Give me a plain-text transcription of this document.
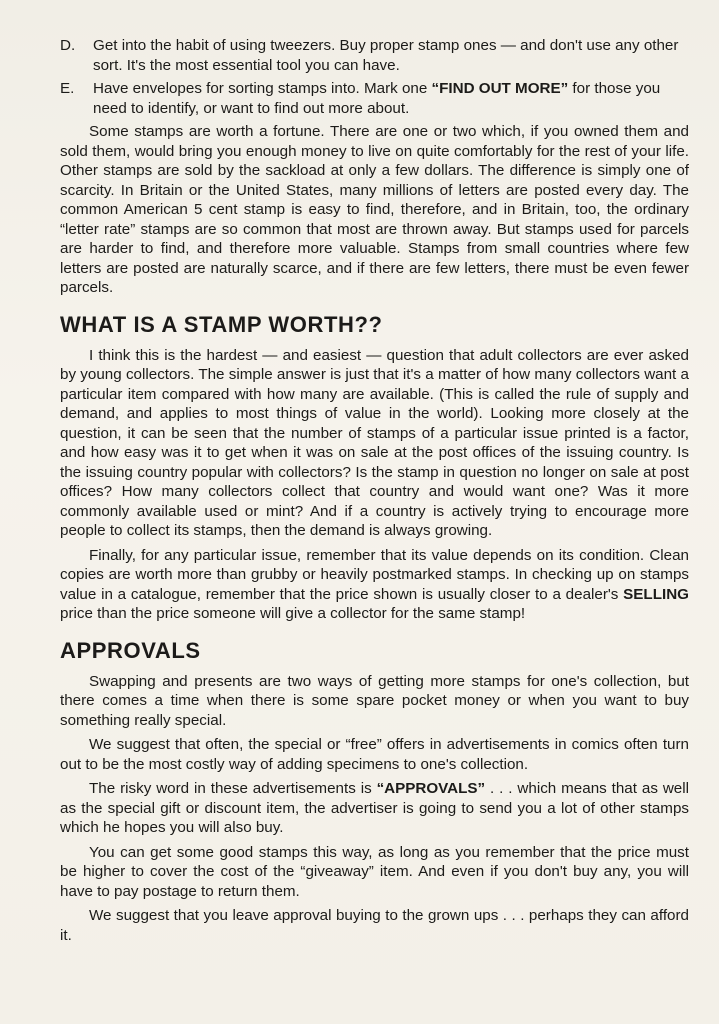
D. Get into the habit of using tweezers. Buy proper stamp ones — and don't use any other sort. It's the most essential tool you can have.
E. Have envelopes for sorting stamps into. Mark one “FIND OUT MORE” for those you need to identify, or want to find out more about.

Some stamps are worth a fortune. There are one or two which, if you owned them and sold them, would bring you enough money to live on quite comfortably for the rest of your life. Other stamps are sold by the sackload at only a few dollars. The difference is simply one of scarcity. In Britain or the United States, many millions of letters are posted every day. The common American 5 cent stamp is easy to find, therefore, and in Britain, too, the ordinary “letter rate” stamps are so common that most are thrown away. But stamps used for parcels are harder to find, and therefore more valuable. Stamps from small countries where few letters are posted are naturally scarce, and if there are few letters, there must be even fewer parcels.

WHAT IS A STAMP WORTH??

I think this is the hardest — and easiest — question that adult collectors are ever asked by young collectors. The simple answer is just that it's a matter of how many collectors want a particular item compared with how many are available. (This is called the rule of supply and demand, and applies to most things of value in the world). Looking more closely at the question, it can be seen that the number of stamps of a particular issue printed is a factor, and how easy was it to get when it was on sale at the post offices of the issuing country. Is the issuing country popular with collectors? Is the stamp in question no longer on sale at post offices? How many collectors collect that country and would want one? Was it more commonly available used or mint? And if a country is actively trying to encourage more people to collect its stamps, then the demand is always growing.

Finally, for any particular issue, remember that its value depends on its condition. Clean copies are worth more than grubby or heavily postmarked stamps. In checking up on stamps value in a catalogue, remember that the price shown is usually closer to a dealer's SELLING price than the price someone will give a collector for the same stamp!

APPROVALS

Swapping and presents are two ways of getting more stamps for one's collection, but there comes a time when there is some spare pocket money or when you want to buy something really special.

We suggest that often, the special or “free” offers in advertisements in comics often turn out to be the most costly way of adding specimens to one's collection.

The risky word in these advertisements is “APPROVALS” . . . which means that as well as the special gift or discount item, the advertiser is going to send you a lot of other stamps which he hopes you will also buy.

You can get some good stamps this way, as long as you remember that the price must be higher to cover the cost of the “giveaway” item. And even if you don't buy any, you will have to pay postage to return them.

We suggest that you leave approval buying to the grown ups . . . perhaps they can afford it.
